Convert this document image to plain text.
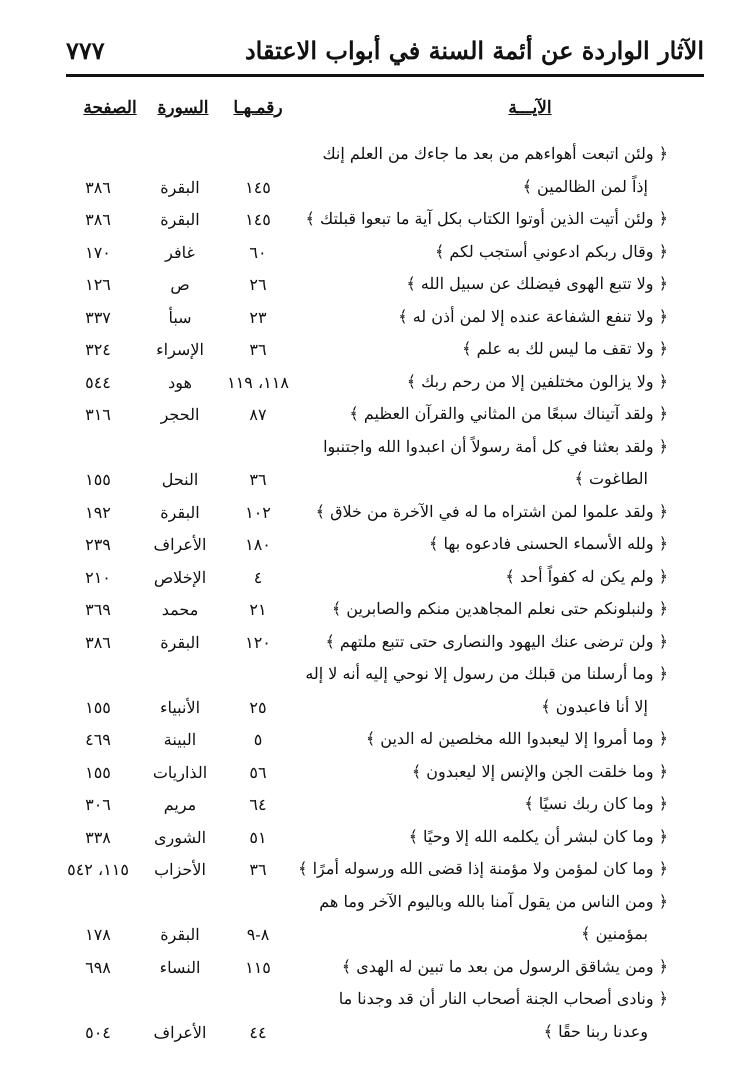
الآثار الواردة عن أئمة السنة في أبواب الاعتقاد
٧٧٧
الآيـــة
رقمـهـا
السورة
الصفحة
﴿ ولئن اتبعت أهواءهم من بعد ما جاءك من العلم إنك
إذاً لمن الظالمين ﴾
١٤٥
البقرة
٣٨٦
﴿ ولئن أتيت الذين أوتوا الكتاب بكل آية ما تبعوا قبلتك ﴾
١٤٥
البقرة
٣٨٦
﴿ وقال ربكم ادعوني أستجب لكم ﴾
٦٠
غافر
١٧٠
﴿ ولا تتبع الهوى فيضلك عن سبيل الله ﴾
٢٦
ص
١٢٦
﴿ ولا تنفع الشفاعة عنده إلا لمن أذن له ﴾
٢٣
سبأ
٣٣٧
﴿ ولا تقف ما ليس لك به علم ﴾
٣٦
الإسراء
٣٢٤
﴿ ولا يزالون مختلفين إلا من رحم ربك ﴾
١١٨، ١١٩
هود
٥٤٤
﴿ ولقد آتيناك سبعًا من المثاني والقرآن العظيم ﴾
٨٧
الحجر
٣١٦
﴿ ولقد بعثنا في كل أمة رسولاً أن اعبدوا الله واجتنبوا
الطاغوت ﴾
٣٦
النحل
١٥٥
﴿ ولقد علموا لمن اشتراه ما له في الآخرة من خلاق ﴾
١٠٢
البقرة
١٩٢
﴿ ولله الأسماء الحسنى فادعوه بها ﴾
١٨٠
الأعراف
٢٣٩
﴿ ولم يكن له كفواً أحد ﴾
٤
الإخلاص
٢١٠
﴿ ولنبلونكم حتى نعلم المجاهدين منكم والصابرين ﴾
٢١
محمد
٣٦٩
﴿ ولن ترضى عنك اليهود والنصارى حتى تتبع ملتهم ﴾
١٢٠
البقرة
٣٨٦
﴿ وما أرسلنا من قبلك من رسول إلا نوحي إليه أنه لا إله
إلا أنا فاعبدون ﴾
٢٥
الأنبياء
١٥٥
﴿ وما أمروا إلا ليعبدوا الله مخلصين له الدين ﴾
٥
البينة
٤٦٩
﴿ وما خلقت الجن والإنس إلا ليعبدون ﴾
٥٦
الذاريات
١٥٥
﴿ وما كان ربك نسيًا ﴾
٦٤
مريم
٣٠٦
﴿ وما كان لبشر أن يكلمه الله إلا وحيًا ﴾
٥١
الشورى
٣٣٨
﴿ وما كان لمؤمن ولا مؤمنة إذا قضى الله ورسوله أمرًا ﴾
٣٦
الأحزاب
١١٥، ٥٤٢
﴿ ومن الناس من يقول آمنا بالله وباليوم الآخر وما هم
بمؤمنين ﴾
٨-٩
البقرة
١٧٨
﴿ ومن يشاقق الرسول من بعد ما تبين له الهدى ﴾
١١٥
النساء
٦٩٨
﴿ ونادى أصحاب الجنة أصحاب النار أن قد وجدنا ما
وعدنا ربنا حقًا ﴾
٤٤
الأعراف
٥٠٤
